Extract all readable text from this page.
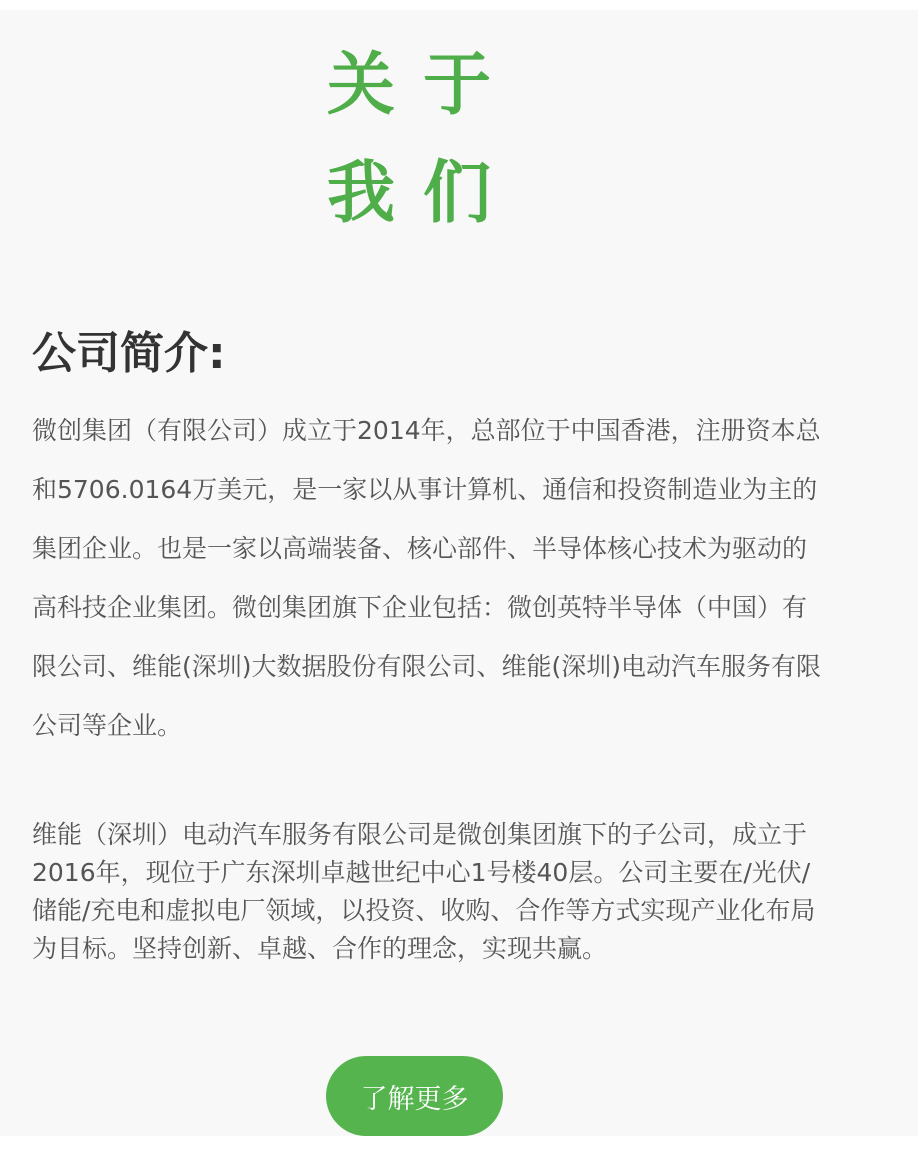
关于我们
公司简介:

微创集团（有限公司）成立于2014年，总部位于中国香港，注册资本总和5706.0164万美元，是一家以从事计算机、通信和投资制造业为主的集团企业。也是一家以高端装备、核心部件、半导体核心技术为驱动的高科技企业集团。微创集团旗下企业包括：微创英特半导体（中国）有限公司、维能(深圳)大数据股份有限公司、维能(深圳)电动汽车服务有限公司等企业。

维能（深圳）电动汽车服务有限公司是微创集团旗下的子公司，成立于2016年，现位于广东深圳卓越世纪中心1号楼40层。公司主要在/光伏/储能/充电和虚拟电厂领域，以投资、收购、合作等方式实现产业化布局为目标。坚持创新、卓越、合作的理念，实现共赢。

了解更多
